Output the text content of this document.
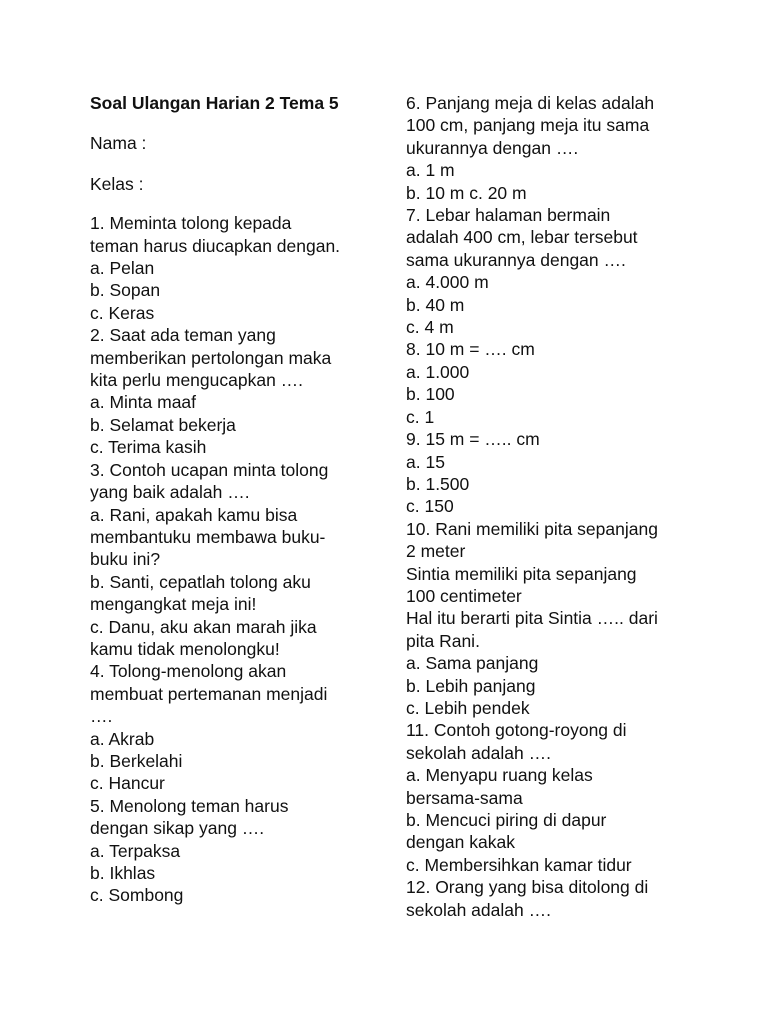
Soal Ulangan Harian 2 Tema 5
Nama :
Kelas :
1. Meminta tolong kepada
teman harus diucapkan dengan.
a. Pelan
b. Sopan
c. Keras
2. Saat ada teman yang
memberikan pertolongan maka
kita perlu mengucapkan ….
a. Minta maaf
b. Selamat bekerja
c. Terima kasih
3. Contoh ucapan minta tolong
yang baik adalah ….
a. Rani, apakah kamu bisa
membantuku membawa buku-
buku ini?
b. Santi, cepatlah tolong aku
mengangkat meja ini!
c. Danu, aku akan marah jika
kamu tidak menolongku!
4. Tolong-menolong akan
membuat pertemanan menjadi
….
a. Akrab
b. Berkelahi
c. Hancur
5. Menolong teman harus
dengan sikap yang ….
a. Terpaksa
b. Ikhlas
c. Sombong
6. Panjang meja di kelas adalah
100 cm, panjang meja itu sama
ukurannya dengan ….
a. 1 m
b. 10 m c. 20 m
7. Lebar halaman bermain
adalah 400 cm, lebar tersebut
sama ukurannya dengan ….
a. 4.000 m
b. 40 m
c. 4 m
8. 10 m = …. cm
a. 1.000
b. 100
c. 1
9. 15 m = ….. cm
a. 15
b. 1.500
c. 150
10. Rani memiliki pita sepanjang
2 meter
Sintia memiliki pita sepanjang
100 centimeter
Hal itu berarti pita Sintia ….. dari
pita Rani.
a. Sama panjang
b. Lebih panjang
c. Lebih pendek
11. Contoh gotong-royong di
sekolah adalah ….
a. Menyapu ruang kelas
bersama-sama
b. Mencuci piring di dapur
dengan kakak
c. Membersihkan kamar tidur
12. Orang yang bisa ditolong di
sekolah adalah ….
